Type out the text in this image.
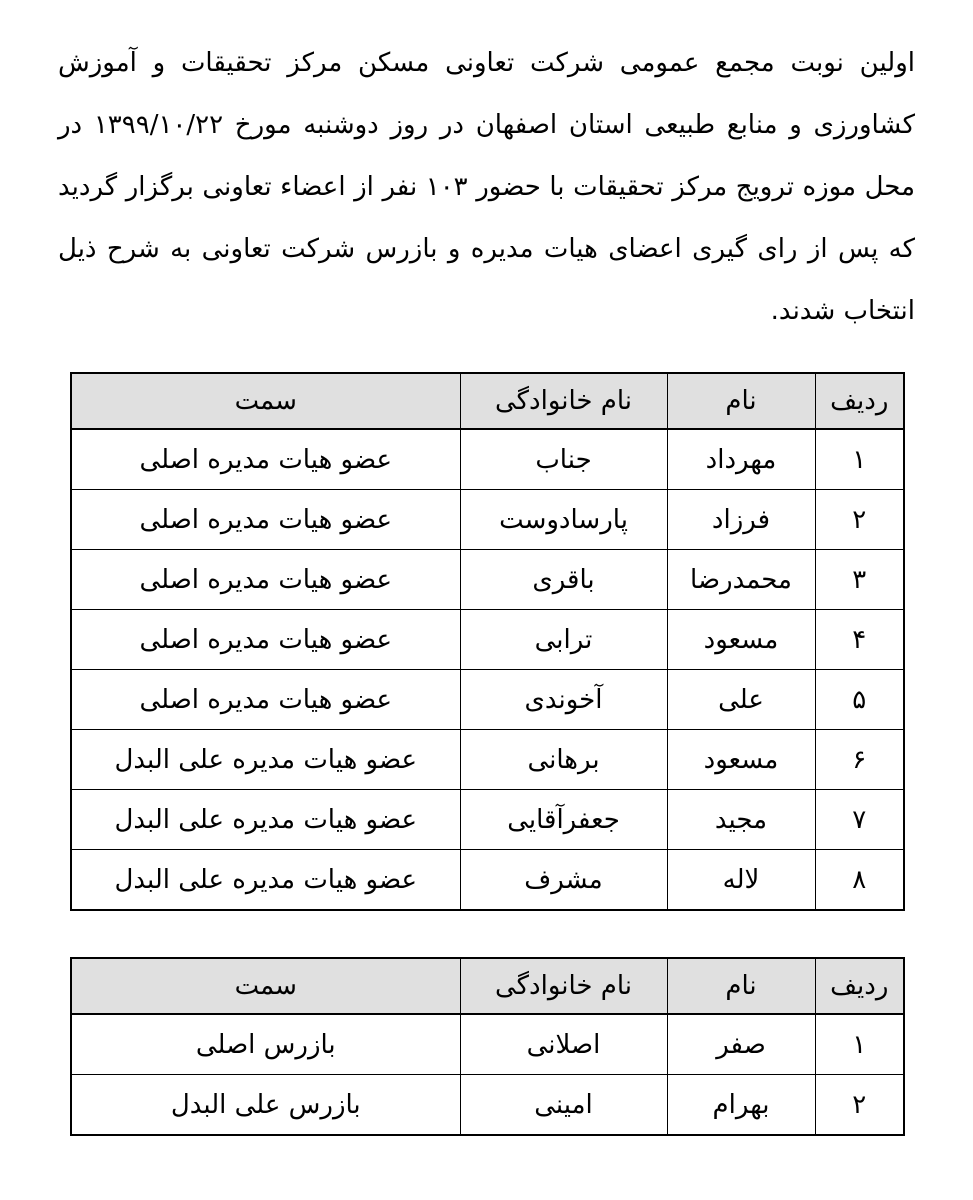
اولین نوبت مجمع عمومی شرکت تعاونی مسکن مرکز تحقیقات و آموزش
کشاورزی و منابع طبیعی استان اصفهان در روز دوشنبه مورخ ۱۳۹۹/۱۰/۲۲ در
محل موزه ترویج مرکز تحقیقات با حضور ۱۰۳ نفر از اعضاء تعاونی برگزار گردید
که پس از رای گیری اعضای هیات مدیره و بازرس شرکت تعاونی به شرح ذیل
انتخاب شدند.
ردیف	نام	نام خانوادگی	سمت
۱	مهرداد	جناب	عضو هیات مدیره اصلی
۲	فرزاد	پارسادوست	عضو هیات مدیره اصلی
۳	محمدرضا	باقری	عضو هیات مدیره اصلی
۴	مسعود	ترابی	عضو هیات مدیره اصلی
۵	علی	آخوندی	عضو هیات مدیره اصلی
۶	مسعود	برهانی	عضو هیات مدیره علی البدل
۷	مجید	جعفرآقایی	عضو هیات مدیره علی البدل
۸	لاله	مشرف	عضو هیات مدیره علی البدل
ردیف	نام	نام خانوادگی	سمت
۱	صفر	اصلانی	بازرس اصلی
۲	بهرام	امینی	بازرس علی البدل
